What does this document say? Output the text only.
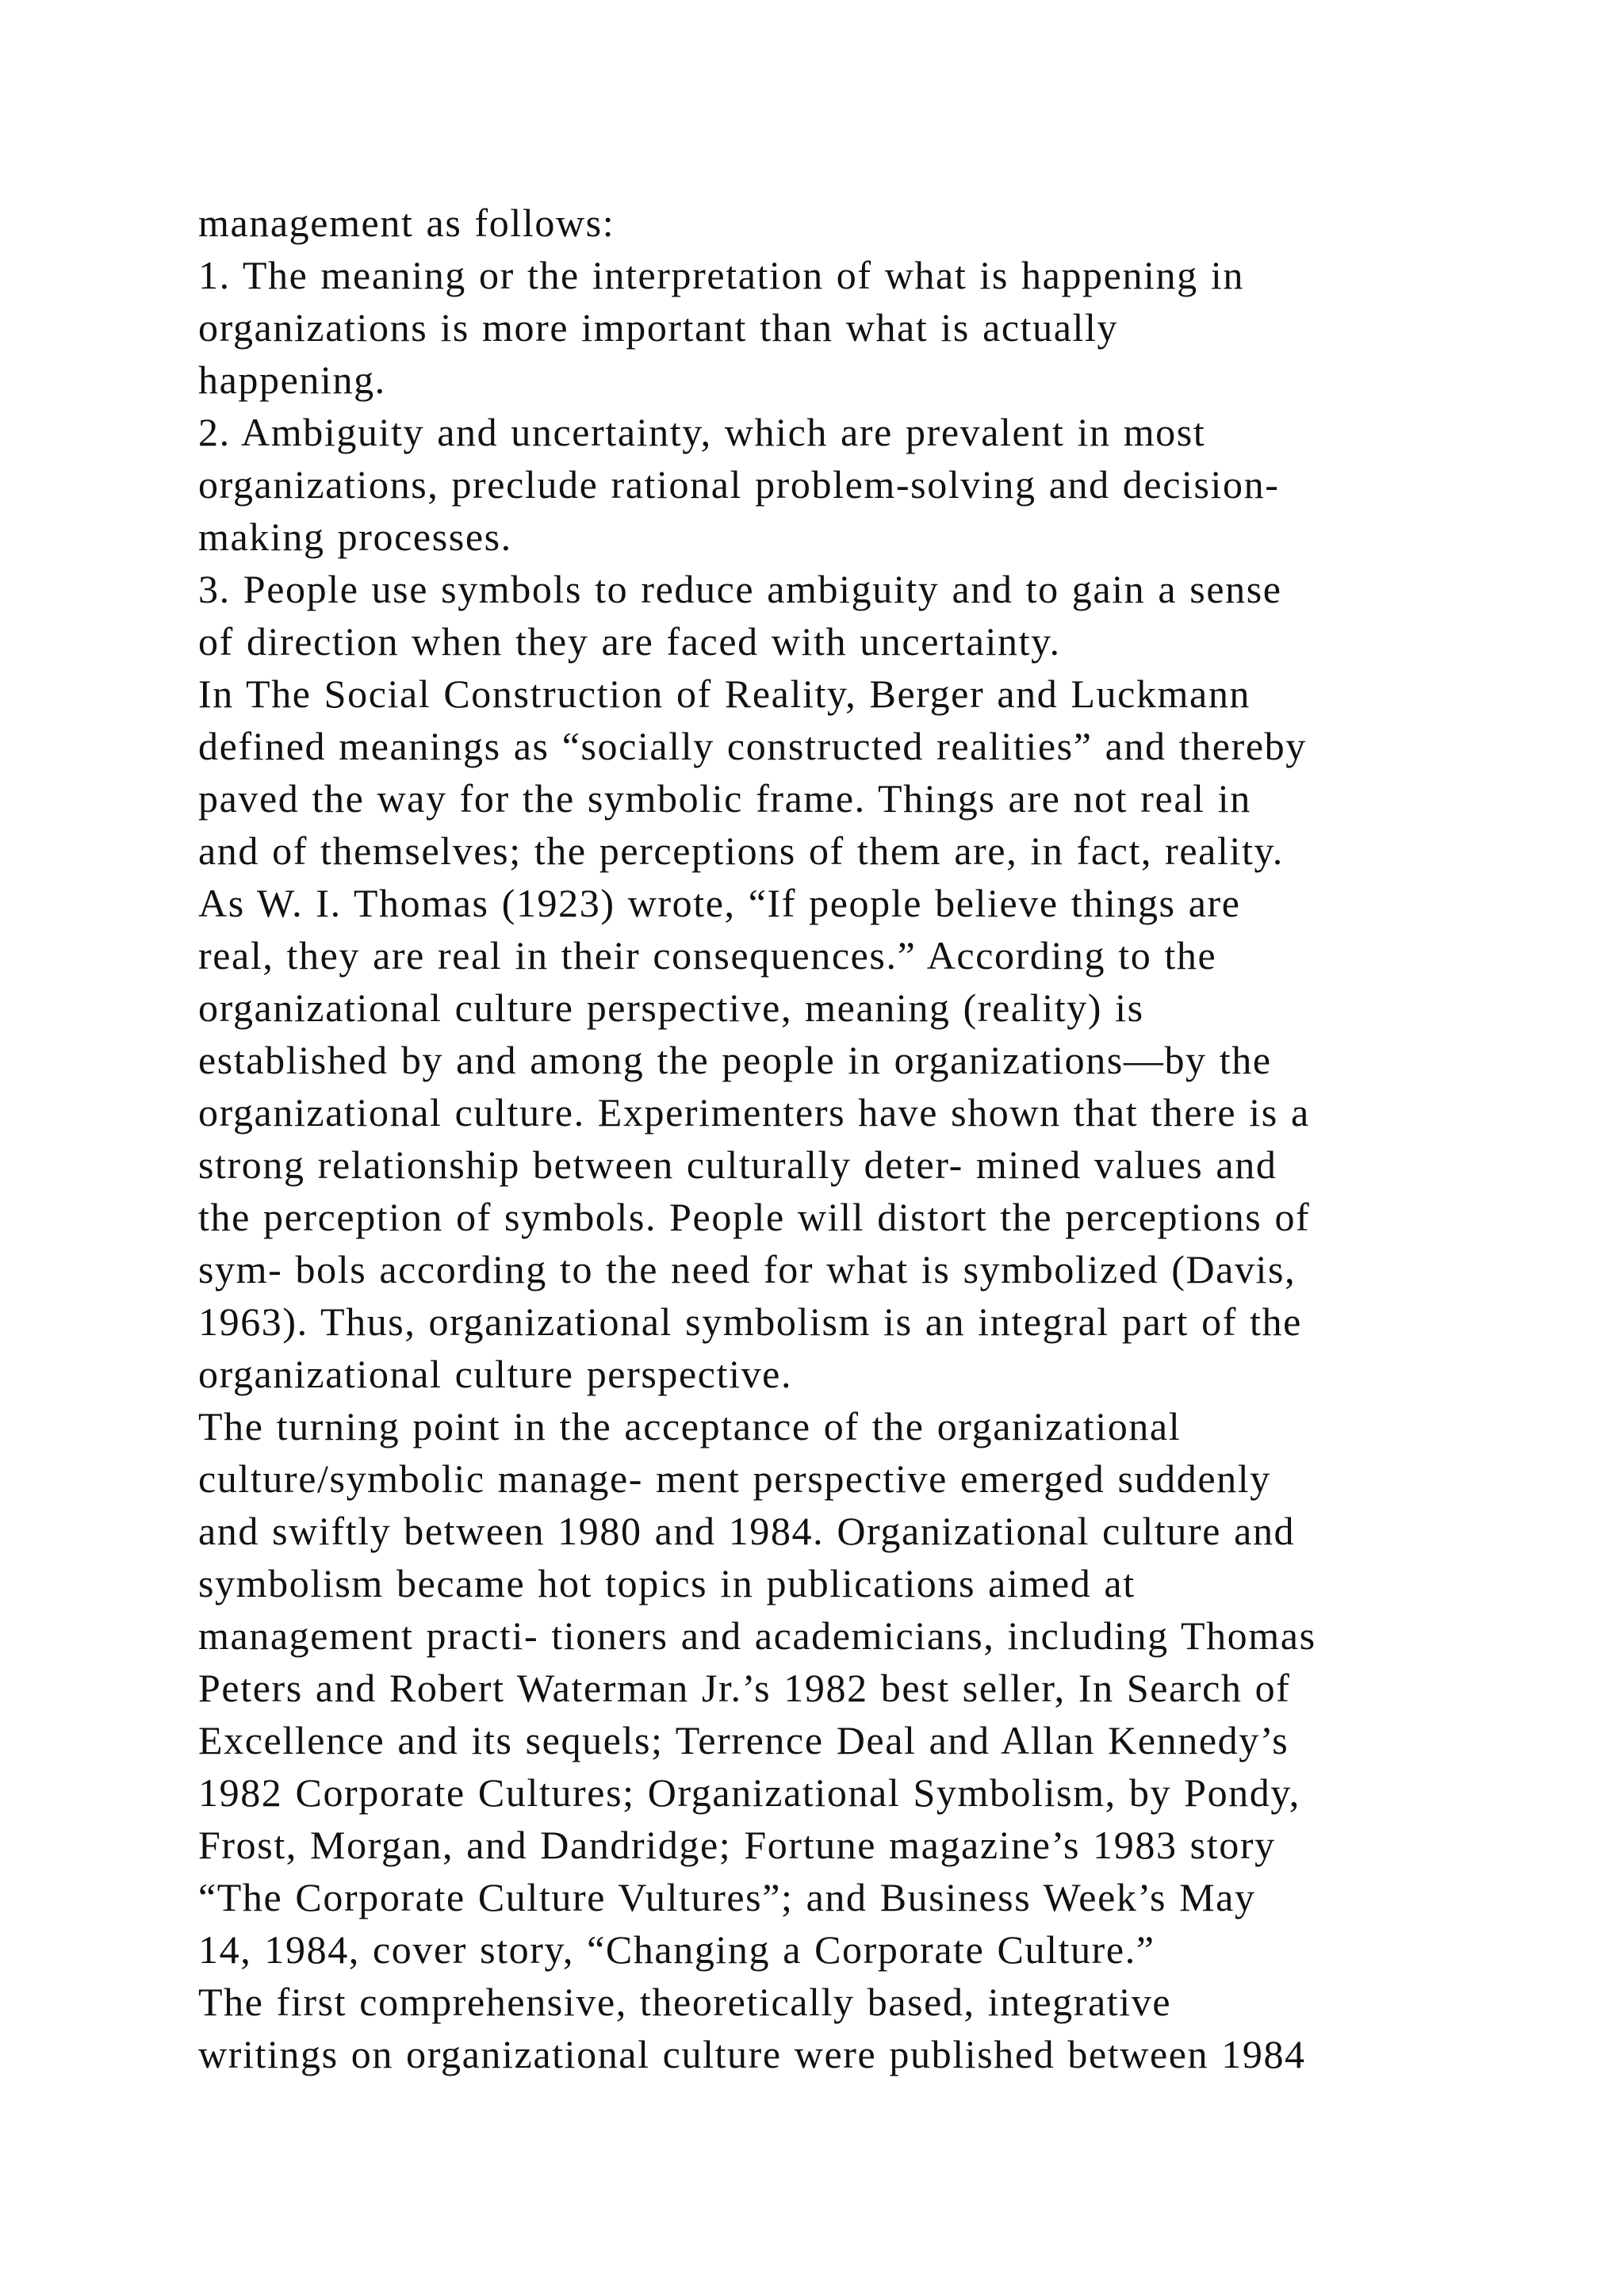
management as follows:
1. The meaning or the interpretation of what is happening in
organizations is more important than what is actually
happening.
2. Ambiguity and uncertainty, which are prevalent in most
organizations, preclude rational problem-solving and decision-
making processes.
3. People use symbols to reduce ambiguity and to gain a sense
of direction when they are faced with uncertainty.
In The Social Construction of Reality, Berger and Luckmann
defined meanings as “socially constructed realities” and thereby
paved the way for the symbolic frame. Things are not real in
and of themselves; the perceptions of them are, in fact, reality.
As W. I. Thomas (1923) wrote, “If people believe things are
real, they are real in their consequences.” According to the
organizational culture perspective, meaning (reality) is
established by and among the people in organizations—by the
organizational culture. Experimenters have shown that there is a
strong relationship between culturally deter- mined values and
the perception of symbols. People will distort the perceptions of
sym- bols according to the need for what is symbolized (Davis,
1963). Thus, organizational symbolism is an integral part of the
organizational culture perspective.
The turning point in the acceptance of the organizational
culture/symbolic manage- ment perspective emerged suddenly
and swiftly between 1980 and 1984. Organizational culture and
symbolism became hot topics in publications aimed at
management practi- tioners and academicians, including Thomas
Peters and Robert Waterman Jr.’s 1982 best seller, In Search of
Excellence and its sequels; Terrence Deal and Allan Kennedy’s
1982 Corporate Cultures; Organizational Symbolism, by Pondy,
Frost, Morgan, and Dandridge; Fortune magazine’s 1983 story
“The Corporate Culture Vultures”; and Business Week’s May
14, 1984, cover story, “Changing a Corporate Culture.”
The first comprehensive, theoretically based, integrative
writings on organizational culture were published between 1984
